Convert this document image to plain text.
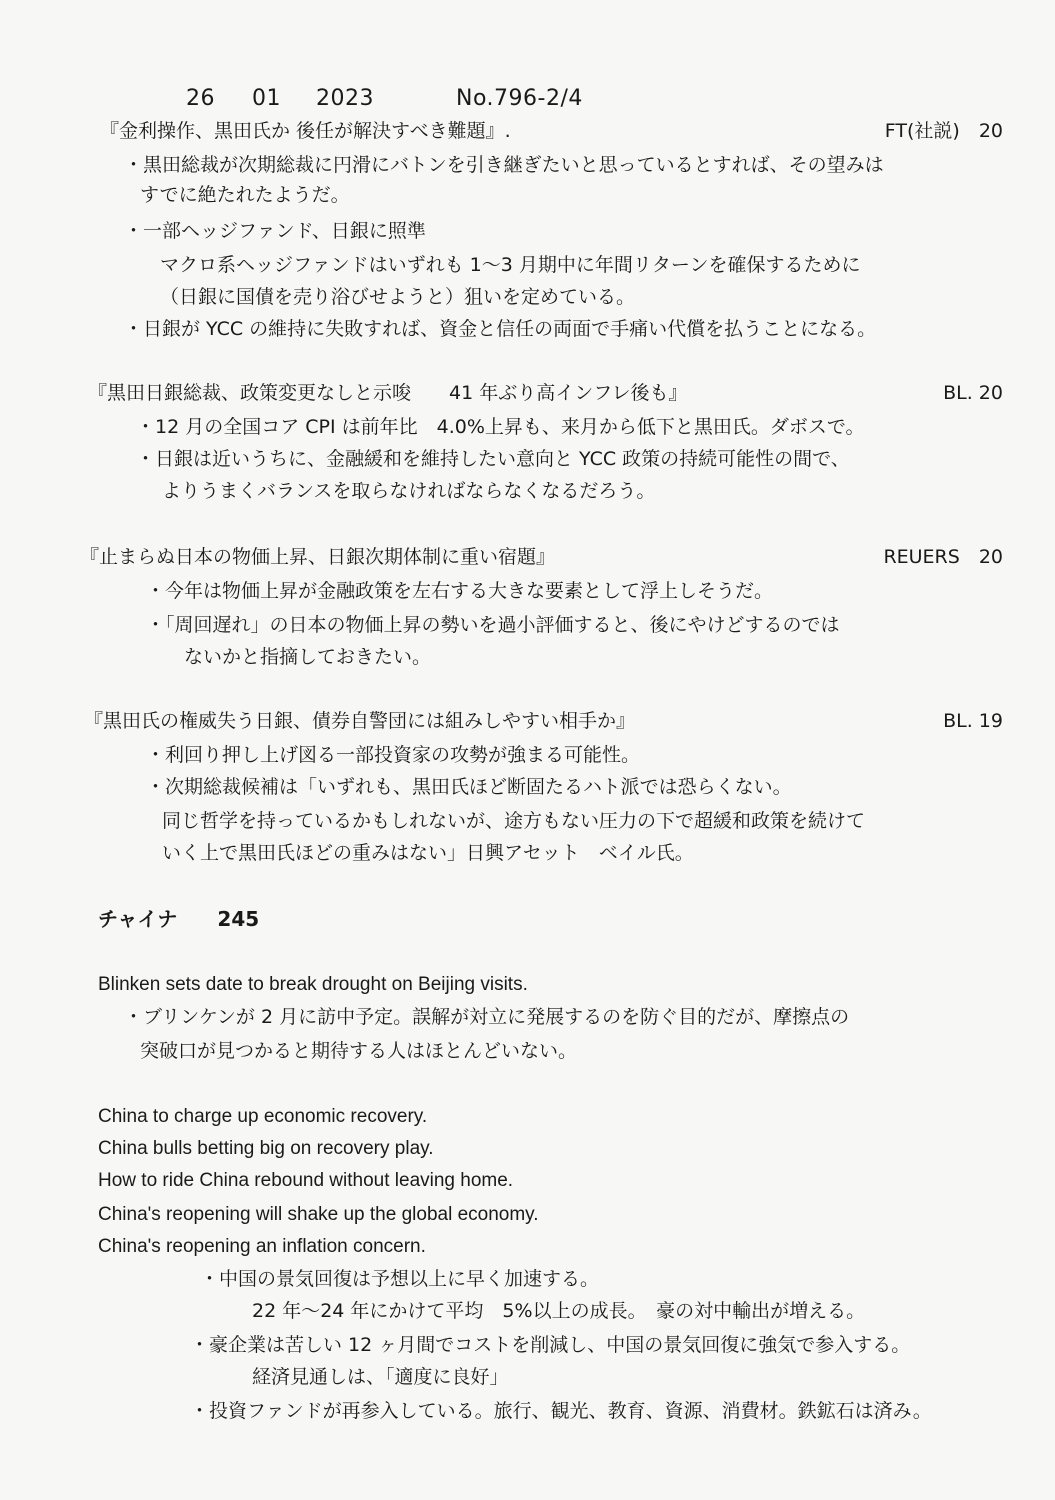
26 01 2023	No.796-2/4
『金利操作、黒田氏か 後任が解決すべき難題』.	FT(社説)　20
・黒田総裁が次期総裁に円滑にバトンを引き継ぎたいと思っているとすれば、その望みは
すでに絶たれたようだ。
・一部ヘッジファンド、日銀に照準
マクロ系ヘッジファンドはいずれも 1～3 月期中に年間リターンを確保するために
（日銀に国債を売り浴びせようと）狙いを定めている。
・日銀が YCC の維持に失敗すれば、資金と信任の両面で手痛い代償を払うことになる。
『黒田日銀総裁、政策変更なしと示唆　　41 年ぶり高インフレ後も』	BL. 20
・12 月の全国コア CPI は前年比　4.0%上昇も、来月から低下と黒田氏。ダボスで。
・日銀は近いうちに、金融緩和を維持したい意向と YCC 政策の持続可能性の間で、
よりうまくバランスを取らなければならなくなるだろう。
『止まらぬ日本の物価上昇、日銀次期体制に重い宿題』	REUERS　20
・今年は物価上昇が金融政策を左右する大きな要素として浮上しそうだ。
・「周回遅れ」の日本の物価上昇の勢いを過小評価すると、後にやけどするのでは
ないかと指摘しておきたい。
『黒田氏の権威失う日銀、債券自警団には組みしやすい相手か』	BL. 19
・利回り押し上げ図る一部投資家の攻勢が強まる可能性。
・次期総裁候補は「いずれも、黒田氏ほど断固たるハト派では恐らくない。
同じ哲学を持っているかもしれないが、途方もない圧力の下で超緩和政策を続けて
いく上で黒田氏ほどの重みはない」日興アセット　ベイル氏。
チャイナ　　245
Blinken sets date to break drought on Beijing visits.
・ブリンケンが 2 月に訪中予定。誤解が対立に発展するのを防ぐ目的だが、摩擦点の
突破口が見つかると期待する人はほとんどいない。
China to charge up economic recovery.
China bulls betting big on recovery play.
How to ride China rebound without leaving home.
China's reopening will shake up the global economy.
China's reopening an inflation concern.
・中国の景気回復は予想以上に早く加速する。
22 年～24 年にかけて平均　5%以上の成長。　豪の対中輸出が増える。
・豪企業は苦しい 12 ヶ月間でコストを削減し、中国の景気回復に強気で参入する。
経済見通しは、「適度に良好」
・投資ファンドが再参入している。旅行、観光、教育、資源、消費材。鉄鉱石は済み。
